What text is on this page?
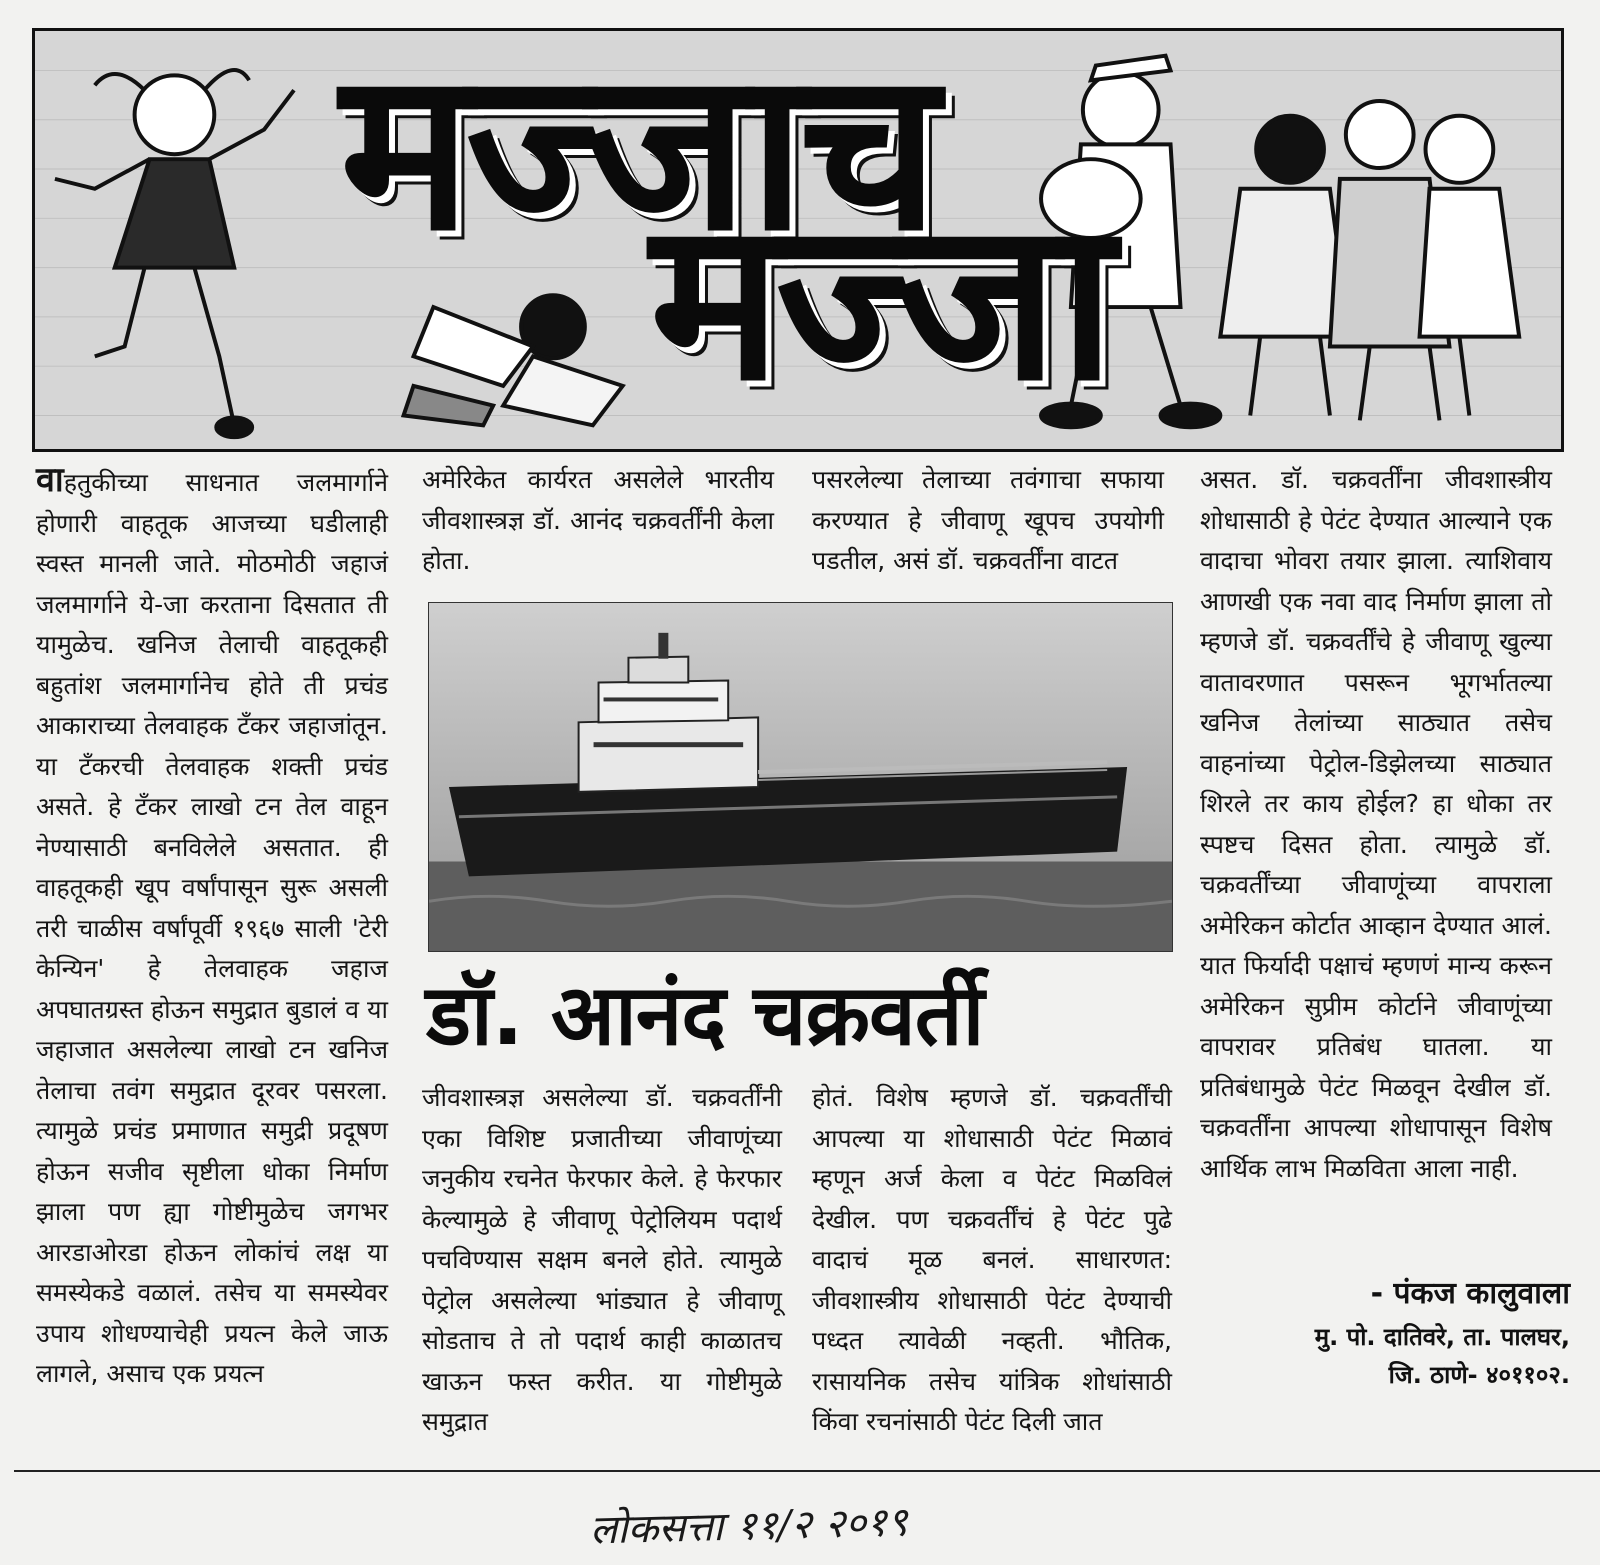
मज्जाच
मज्जा

वाहतुकीच्या साधनात जलमार्गाने होणारी वाहतूक आजच्या घडीलाही स्वस्त मानली जाते. मोठमोठी जहाजं जलमार्गाने ये-जा करताना दिसतात ती यामुळेच. खनिज तेलाची वाहतूकही बहुतांश जलमार्गानेच होते ती प्रचंड आकाराच्या तेलवाहक टँकर जहाजांतून. या टँकरची तेलवाहक शक्ती प्रचंड असते. हे टँकर लाखो टन तेल वाहून नेण्यासाठी बनविलेले असतात. ही वाहतूकही खूप वर्षांपासून सुरू असली तरी चाळीस वर्षांपूर्वी १९६७ साली 'टेरी केन्यिन' हे तेलवाहक जहाज अपघातग्रस्त होऊन समुद्रात बुडालं व या जहाजात असलेल्या लाखो टन खनिज तेलाचा तवंग समुद्रात दूरवर पसरला. त्यामुळे प्रचंड प्रमाणात समुद्री प्रदूषण होऊन सजीव सृष्टीला धोका निर्माण झाला पण ह्या गोष्टीमुळेच जगभर आरडाओरडा होऊन लोकांचं लक्ष या समस्येकडे वळालं. तसेच या समस्येवर उपाय शोधण्याचेही प्रयत्न केले जाऊ लागले, असाच एक प्रयत्न

अमेरिकेत कार्यरत असलेले भारतीय जीवशास्त्रज्ञ डॉ. आनंद चक्रवर्तींनी केला होता.

पसरलेल्या तेलाच्या तवंगाचा सफाया करण्यात हे जीवाणू खूपच उपयोगी पडतील, असं डॉ. चक्रवर्तींना वाटत

डॉ. आनंद चक्रवर्ती

जीवशास्त्रज्ञ असलेल्या डॉ. चक्रवर्तींनी एका विशिष्ट प्रजातीच्या जीवाणूंच्या जनुकीय रचनेत फेरफार केले. हे फेरफार केल्यामुळे हे जीवाणू पेट्रोलियम पदार्थ पचविण्यास सक्षम बनले होते. त्यामुळे पेट्रोल असलेल्या भांड्यात हे जीवाणू सोडताच ते तो पदार्थ काही काळातच खाऊन फस्त करीत. या गोष्टीमुळे समुद्रात

होतं. विशेष म्हणजे डॉ. चक्रवर्तींची आपल्या या शोधासाठी पेटंट मिळावं म्हणून अर्ज केला व पेटंट मिळविलं देखील. पण चक्रवर्तींचं हे पेटंट पुढे वादाचं मूळ बनलं. साधारणत: जीवशास्त्रीय शोधासाठी पेटंट देण्याची पध्दत त्यावेळी नव्हती. भौतिक, रासायनिक तसेच यांत्रिक शोधांसाठी किंवा रचनांसाठी पेटंट दिली जात

असत. डॉ. चक्रवर्तींना जीवशास्त्रीय शोधासाठी हे पेटंट देण्यात आल्याने एक वादाचा भोवरा तयार झाला. त्याशिवाय आणखी एक नवा वाद निर्माण झाला तो म्हणजे डॉ. चक्रवर्तींचे हे जीवाणू खुल्या वातावरणात पसरून भूगर्भातल्या खनिज तेलांच्या साठ्यात तसेच वाहनांच्या पेट्रोल-डिझेलच्या साठ्यात शिरले तर काय होईल? हा धोका तर स्पष्टच दिसत होता. त्यामुळे डॉ. चक्रवर्तींच्या जीवाणूंच्या वापराला अमेरिकन कोर्टात आव्हान देण्यात आलं. यात फिर्यादी पक्षाचं म्हणणं मान्य करून अमेरिकन सुप्रीम कोर्टाने जीवाणूंच्या वापरावर प्रतिबंध घातला. या प्रतिबंधामुळे पेटंट मिळवून देखील डॉ. चक्रवर्तींना आपल्या शोधापासून विशेष आर्थिक लाभ मिळविता आला नाही.

- पंकज कालुवाला
मु. पो. दातिवरे, ता. पालघर,
जि. ठाणे- ४०११०२.
लोकसत्ता ११/२ २०१९
